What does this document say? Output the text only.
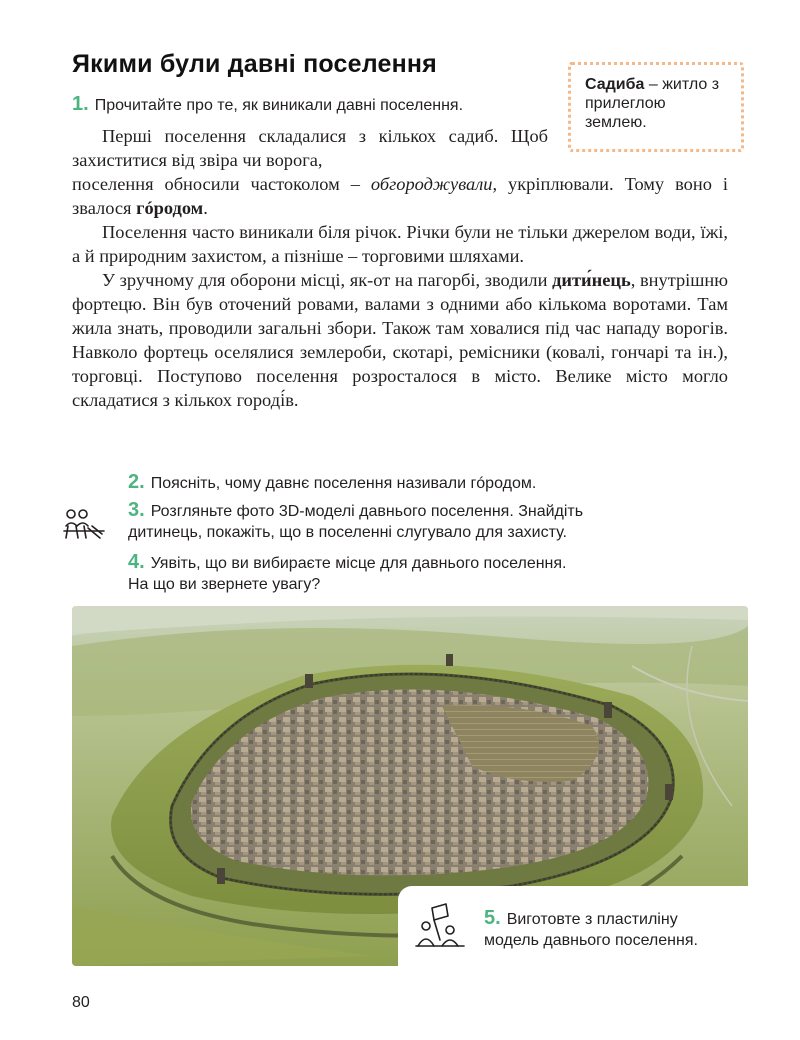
Якими були давні поселення
Садиба – житло з прилеглою землею.
1. Прочитайте про те, як виникали давні поселення.

Перші поселення складалися з кількох садиб. Щоб захиститися від звіра чи ворога,

поселення обносили частоколом – обгороджували, укріплювали. Тому воно і звалося гóродом.

Поселення часто виникали біля річок. Річки були не тільки джерелом води, їжі, а й природним захистом, а пізніше – торговими шляхами.

У зручному для оборони місці, як-от на пагорбі, зводили дити́нець, внутрішню фортецю. Він був оточений ровами, валами з одними або кількома воротами. Там жила знать, проводили загальні збори. Також там ховалися під час нападу ворогів. Навколо фортець оселялися землероби, скотарі, ремісники (ковалі, гончарі та ін.), торговці. Поступово поселення розросталося в місто. Велике місто могло складатися з кількох городі́в.

2. Поясніть, чому давнє поселення називали гóродом.
3. Розгляньте фото 3D-моделі давнього поселення. Знайдіть
дитинець, покажіть, що в поселенні слугувало для захисту.
4. Уявіть, що ви вибираєте місце для давнього поселення.
На що ви звернете увагу?
5. Виготовте з пластиліну
модель давнього поселення.
80
